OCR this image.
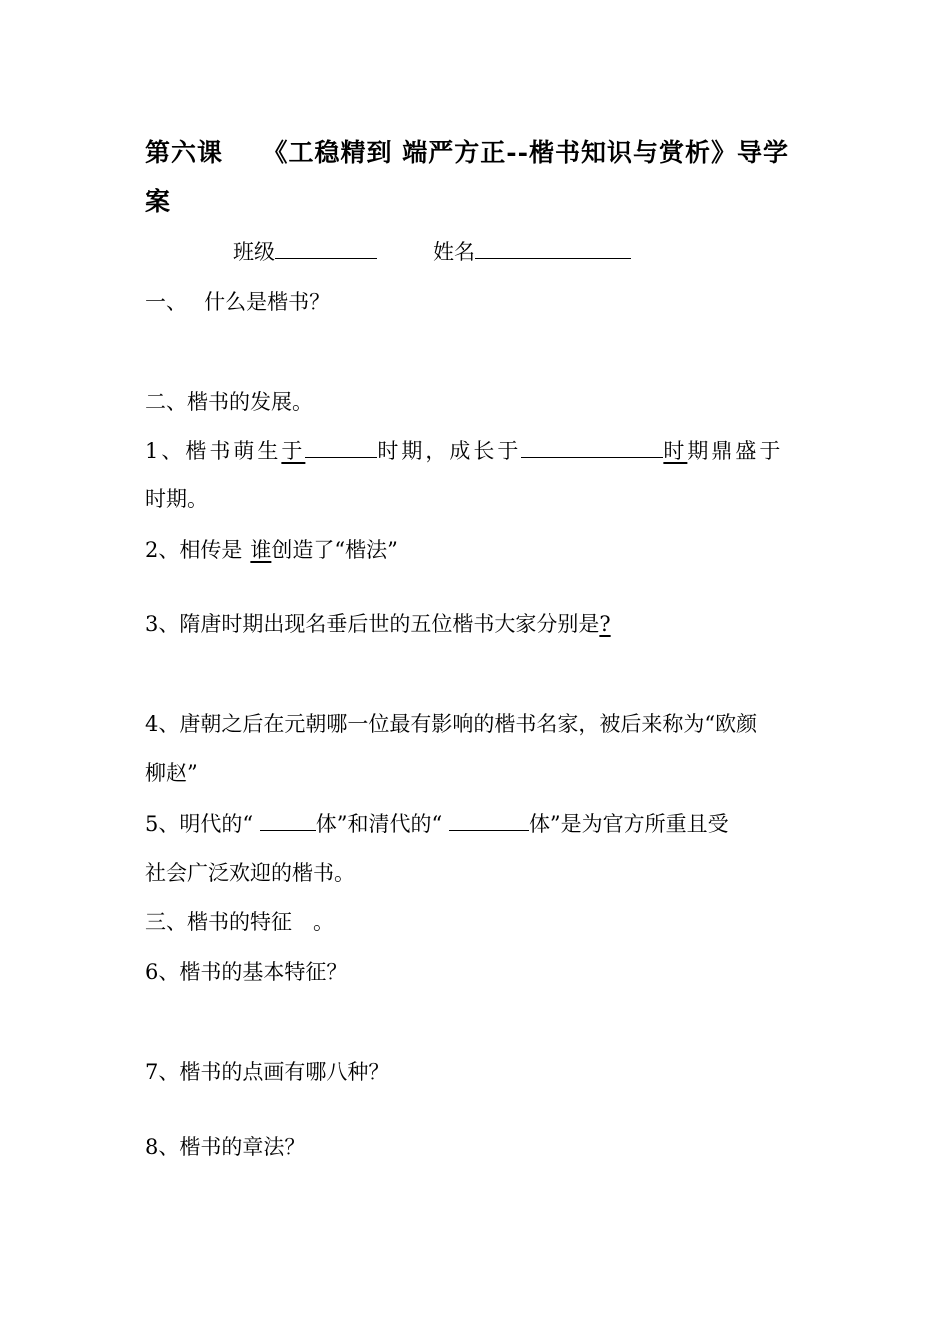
第六课　　《工稳精到 端严方正--楷书知识与赏析》导学
案
班级	姓名
一、　 什么是楷书？
二、楷书的发展。
1、楷书萌生于	时期，成长于	时期鼎盛于
时期。
2、相传是 谁创造了“楷法”
3、隋唐时期出现名垂后世的五位楷书大家分别是?
4、唐朝之后在元朝哪一位最有影响的楷书名家，被后来称为“欧颜
柳赵”
5、明代的“	体”和清代的“	体”是为官方所重且受
社会广泛欢迎的楷书。
三、楷书的特征　。
6、楷书的基本特征？
7、楷书的点画有哪八种？
8、楷书的章法？
